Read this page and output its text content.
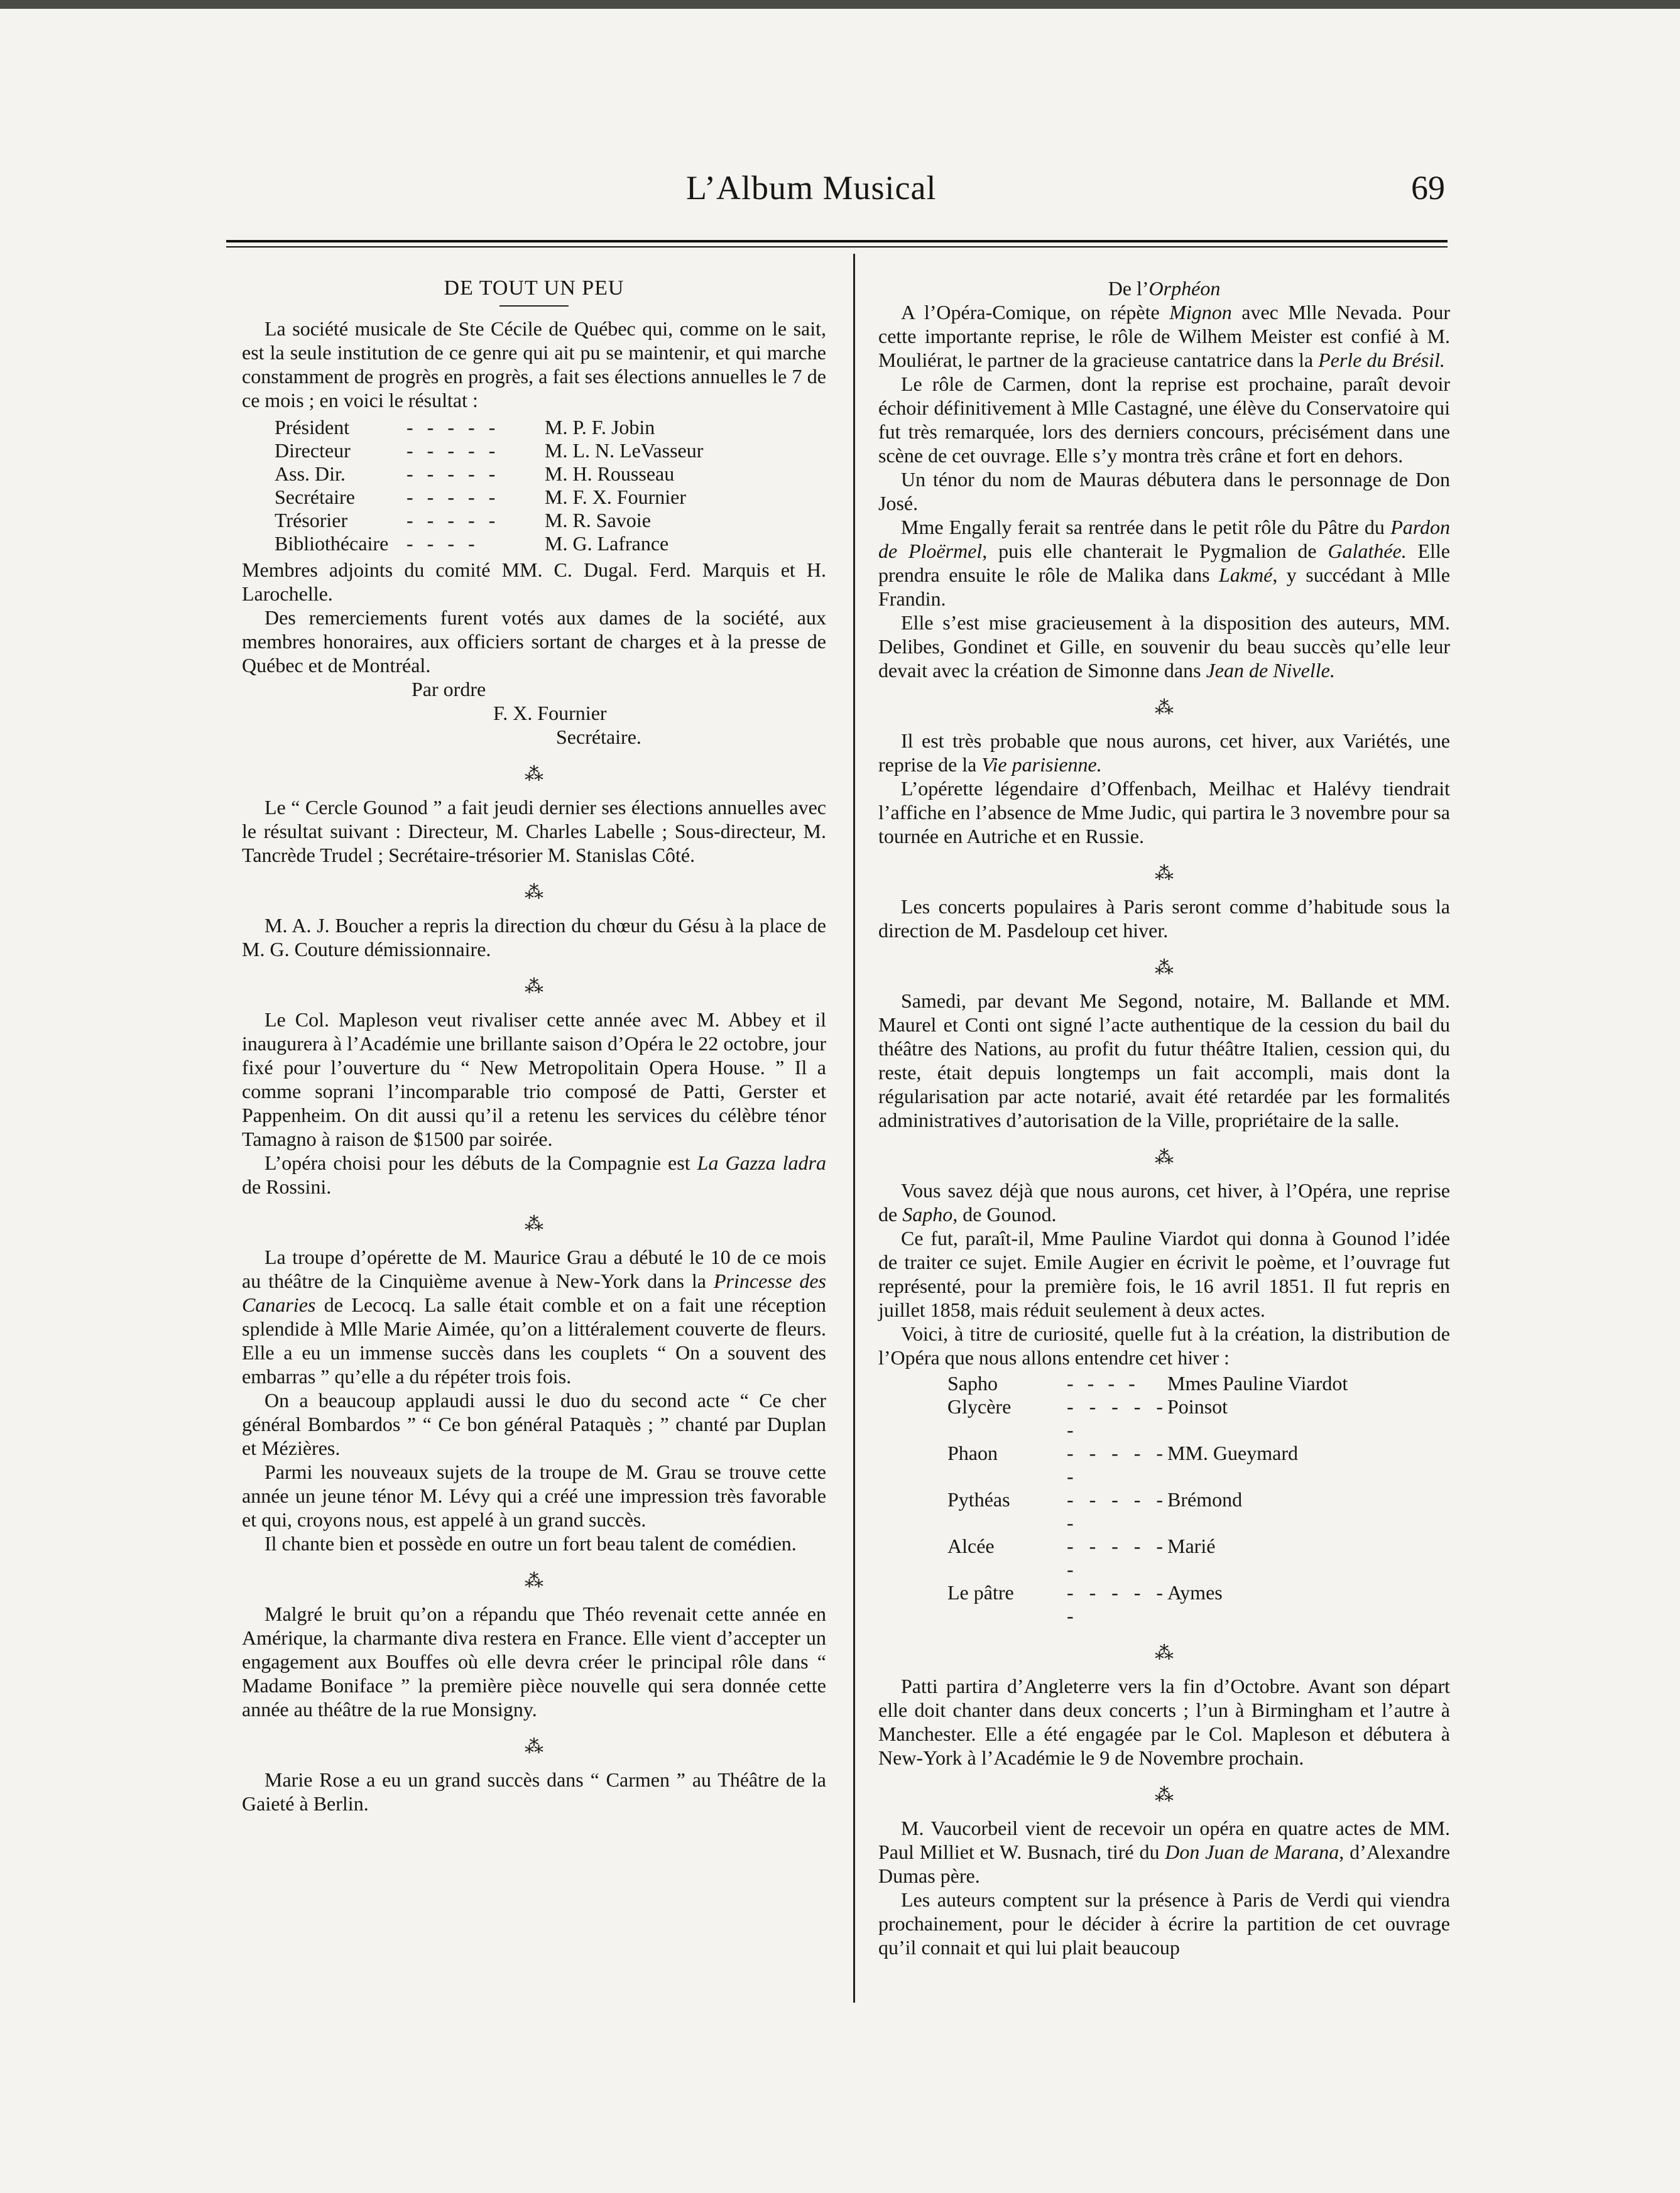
L’Album Musical	69
DE TOUT UN PEU

La société musicale de Ste Cécile de Québec qui, comme on le sait, est la seule institution de ce genre qui ait pu se maintenir, et qui marche constamment de progrès en progrès, a fait ses élections annuelles le 7 de ce mois ; en voici le résultat :

Président	- - - - -	M. P. F. Jobin
Directeur	- - - - -	M. L. N. LeVasseur
Ass. Dir.	- - - - -	M. H. Rousseau
Secrétaire	- - - - -	M. F. X. Fournier
Trésorier	- - - - -	M. R. Savoie
Bibliothécaire	- - - -	M. G. Lafrance

Membres adjoints du comité MM. C. Dugal. Ferd. Marquis et H. Larochelle.

Des remerciements furent votés aux dames de la société, aux membres honoraires, aux officiers sortant de charges et à la presse de Québec et de Montréal.

Par ordre
F. X. Fournier
Secrétaire.
⁂

Le “ Cercle Gounod ” a fait jeudi dernier ses élections annuelles avec le résultat suivant : Directeur, M. Charles Labelle ; Sous-directeur, M. Tancrède Trudel ; Secrétaire-trésorier M. Stanislas Côté.

⁂

M. A. J. Boucher a repris la direction du chœur du Gésu à la place de M. G. Couture démissionnaire.

⁂

Le Col. Mapleson veut rivaliser cette année avec M. Abbey et il inaugurera à l’Académie une brillante saison d’Opéra le 22 octobre, jour fixé pour l’ouverture du “ New Metropolitain Opera House. ” Il a comme soprani l’incomparable trio composé de Patti, Gerster et Pappenheim. On dit aussi qu’il a retenu les services du célèbre ténor Tamagno à raison de $1500 par soirée.

L’opéra choisi pour les débuts de la Compagnie est La Gazza ladra de Rossini.

⁂

La troupe d’opérette de M. Maurice Grau a débuté le 10 de ce mois au théâtre de la Cinquième avenue à New-York dans la Princesse des Canaries de Lecocq. La salle était comble et on a fait une réception splendide à Mlle Marie Aimée, qu’on a littéralement couverte de fleurs. Elle a eu un immense succès dans les couplets “ On a souvent des embarras ” qu’elle a du répéter trois fois.

On a beaucoup applaudi aussi le duo du second acte “ Ce cher général Bombardos ” “ Ce bon général Pataquès ; ” chanté par Duplan et Mézières.

Parmi les nouveaux sujets de la troupe de M. Grau se trouve cette année un jeune ténor M. Lévy qui a créé une impression très favorable et qui, croyons nous, est appelé à un grand succès.

Il chante bien et possède en outre un fort beau talent de comédien.

⁂

Malgré le bruit qu’on a répandu que Théo revenait cette année en Amérique, la charmante diva restera en France. Elle vient d’accepter un engagement aux Bouffes où elle devra créer le principal rôle dans “ Madame Boniface ” la première pièce nouvelle qui sera donnée cette année au théâtre de la rue Monsigny.

⁂

Marie Rose a eu un grand succès dans “ Carmen ” au Théâtre de la Gaieté à Berlin.

De l’Orphéon

A l’Opéra-Comique, on répète Mignon avec Mlle Nevada. Pour cette importante reprise, le rôle de Wilhem Meister est confié à M. Mouliérat, le partner de la gracieuse cantatrice dans la Perle du Brésil.

Le rôle de Carmen, dont la reprise est prochaine, paraît devoir échoir définitivement à Mlle Castagné, une élève du Conservatoire qui fut très remarquée, lors des derniers concours, précisément dans une scène de cet ouvrage. Elle s’y montra très crâne et fort en dehors.

Un ténor du nom de Mauras débutera dans le personnage de Don José.

Mme Engally ferait sa rentrée dans le petit rôle du Pâtre du Pardon de Ploërmel, puis elle chanterait le Pygmalion de Galathée. Elle prendra ensuite le rôle de Malika dans Lakmé, y succédant à Mlle Frandin.

Elle s’est mise gracieusement à la disposition des auteurs, MM. Delibes, Gondinet et Gille, en souvenir du beau succès qu’elle leur devait avec la création de Simonne dans Jean de Nivelle.

⁂

Il est très probable que nous aurons, cet hiver, aux Variétés, une reprise de la Vie parisienne.

L’opérette légendaire d’Offenbach, Meilhac et Halévy tiendrait l’affiche en l’absence de Mme Judic, qui partira le 3 novembre pour sa tournée en Autriche et en Russie.

⁂

Les concerts populaires à Paris seront comme d’habitude sous la direction de M. Pasdeloup cet hiver.

⁂

Samedi, par devant Me Segond, notaire, M. Ballande et MM. Maurel et Conti ont signé l’acte authentique de la cession du bail du théâtre des Nations, au profit du futur théâtre Italien, cession qui, du reste, était depuis longtemps un fait accompli, mais dont la régularisation par acte notarié, avait été retardée par les formalités administratives d’autorisation de la Ville, propriétaire de la salle.

⁂

Vous savez déjà que nous aurons, cet hiver, à l’Opéra, une reprise de Sapho, de Gounod.

Ce fut, paraît-il, Mme Pauline Viardot qui donna à Gounod l’idée de traiter ce sujet. Emile Augier en écrivit le poème, et l’ouvrage fut représenté, pour la première fois, le 16 avril 1851. Il fut repris en juillet 1858, mais réduit seulement à deux actes.

Voici, à titre de curiosité, quelle fut à la création, la distribution de l’Opéra que nous allons entendre cet hiver :

Sapho	- - - -	Mmes Pauline Viardot
Glycère	- - - - - -	Poinsot
Phaon	- - - - - -	MM. Gueymard
Pythéas	- - - - - -	Brémond
Alcée	- - - - - -	Marié
Le pâtre	- - - - - -	Aymes
⁂

Patti partira d’Angleterre vers la fin d’Octobre. Avant son départ elle doit chanter dans deux concerts ; l’un à Birmingham et l’autre à Manchester. Elle a été engagée par le Col. Mapleson et débutera à New-York à l’Académie le 9 de Novembre prochain.

⁂

M. Vaucorbeil vient de recevoir un opéra en quatre actes de MM. Paul Milliet et W. Busnach, tiré du Don Juan de Marana, d’Alexandre Dumas père.

Les auteurs comptent sur la présence à Paris de Verdi qui viendra prochainement, pour le décider à écrire la partition de cet ouvrage qu’il connait et qui lui plait beaucoup
